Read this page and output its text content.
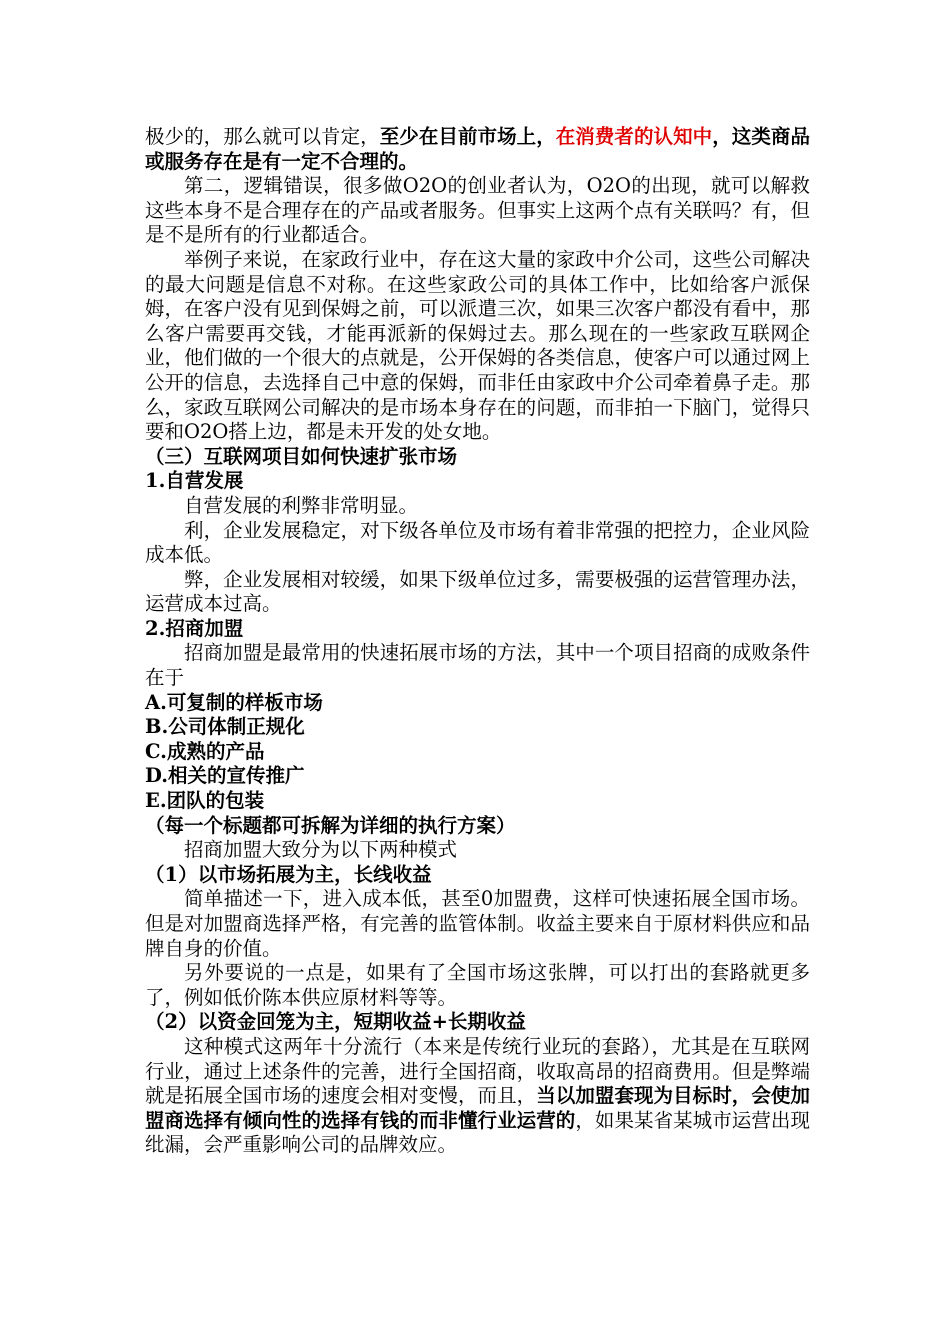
极少的，那么就可以肯定，至少在目前市场上，在消费者的认知中，这类商品或服务存在是有一定不合理的。

第二，逻辑错误，很多做O2O的创业者认为，O2O的出现，就可以解救这些本身不是合理存在的产品或者服务。但事实上这两个点有关联吗？有，但是不是所有的行业都适合。

举例子来说，在家政行业中，存在这大量的家政中介公司，这些公司解决的最大问题是信息不对称。在这些家政公司的具体工作中，比如给客户派保姆，在客户没有见到保姆之前，可以派遣三次，如果三次客户都没有看中，那么客户需要再交钱，才能再派新的保姆过去。那么现在的一些家政互联网企业，他们做的一个很大的点就是，公开保姆的各类信息，使客户可以通过网上公开的信息，去选择自己中意的保姆，而非任由家政中介公司牵着鼻子走。那么，家政互联网公司解决的是市场本身存在的问题，而非拍一下脑门，觉得只要和O2O搭上边，都是未开发的处女地。

（三）互联网项目如何快速扩张市场

1.自营发展

自营发展的利弊非常明显。

利，企业发展稳定，对下级各单位及市场有着非常强的把控力，企业风险成本低。

弊，企业发展相对较缓，如果下级单位过多，需要极强的运营管理办法，运营成本过高。

2.招商加盟

招商加盟是最常用的快速拓展市场的方法，其中一个项目招商的成败条件在于

A.可复制的样板市场

B.公司体制正规化

C.成熟的产品

D.相关的宣传推广

E.团队的包装

（每一个标题都可拆解为详细的执行方案）

招商加盟大致分为以下两种模式

（1）以市场拓展为主，长线收益

简单描述一下，进入成本低，甚至0加盟费，这样可快速拓展全国市场。但是对加盟商选择严格，有完善的监管体制。收益主要来自于原材料供应和品牌自身的价值。

另外要说的一点是，如果有了全国市场这张牌，可以打出的套路就更多了，例如低价陈本供应原材料等等。

（2）以资金回笼为主，短期收益+长期收益

这种模式这两年十分流行（本来是传统行业玩的套路），尤其是在互联网行业，通过上述条件的完善，进行全国招商，收取高昂的招商费用。但是弊端就是拓展全国市场的速度会相对变慢，而且，当以加盟套现为目标时，会使加盟商选择有倾向性的选择有钱的而非懂行业运营的，如果某省某城市运营出现纰漏，会严重影响公司的品牌效应。
